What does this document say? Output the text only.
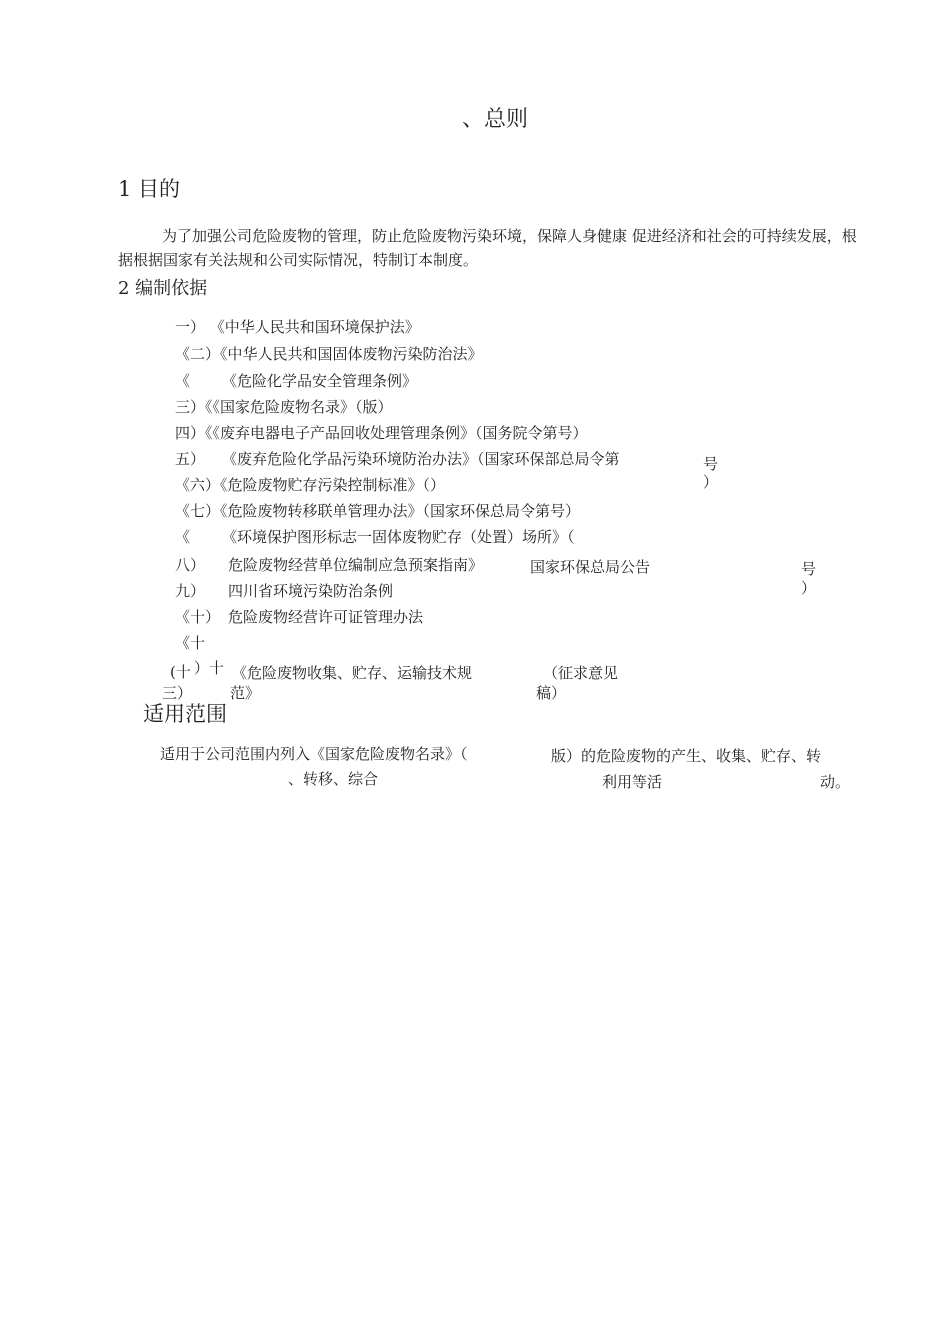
、总则
1 目的
为了加强公司危险废物的管理，防止危险废物污染环境，保障人身健康 促进经济和社会的可持续发展，根据根据国家有关法规和公司实际情况，特制订本制度。
2 编制依据
一） 《中华人民共和国环境保护法》
《二）《中华人民共和国固体废物污染防治法》
《 《危险化学品安全管理条例》
三）《《国家危险废物名录》（版）
四）《《废弃电器电子产品回收处理管理条例》（国务院令第号）
五） 《废弃危险化学品污染环境防治办法》（国家环保部总局令第	号
）
《六）《危险废物贮存污染控制标准》（）
《七）《危险废物转移联单管理办法》（国家环保总局令第号）
《 《环境保护图形标志一固体废物贮存（处置）场所》（
八） 危险废物经营单位编制应急预案指南》	国家环保总局公告	号
）
九） 四川省环境污染防治条例
《十） 危险废物经营许可证管理办法
《十
(十 ）十 《危险废物收集、贮存、运输技术规	（征求意见
三）	范》	稿）
适用范围
适用于公司范围内列入《国家危险废物名录》（	版）的危险废物的产生、收集、贮存、转
、转移、综合	利用等活	动。
